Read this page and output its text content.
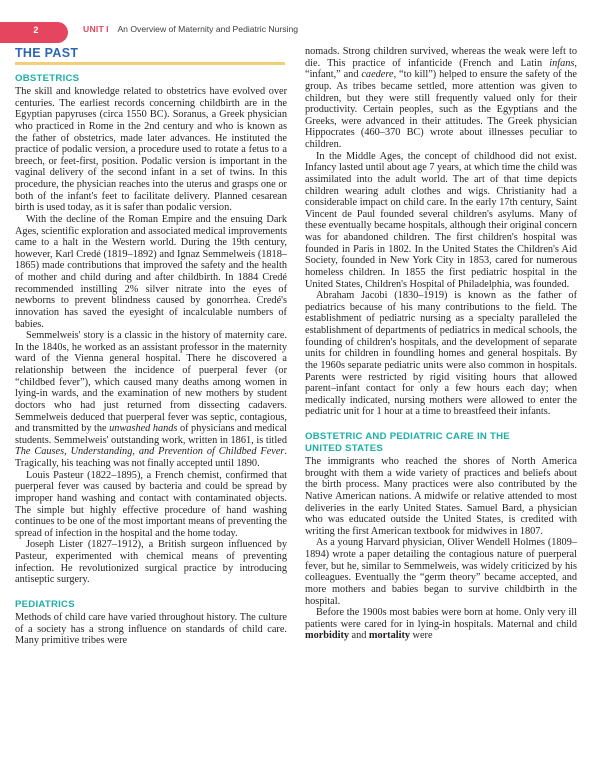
2	UNIT I An Overview of Maternity and Pediatric Nursing
THE PAST
OBSTETRICS

The skill and knowledge related to obstetrics have evolved over centuries. The earliest records concerning childbirth are in the Egyptian papyruses (circa 1550 BC). Soranus, a Greek physician who practiced in Rome in the 2nd century and who is known as the father of obstetrics, made later advances. He instituted the practice of podalic version, a procedure used to rotate a fetus to a breech, or feet-first, position. Podalic version is important in the vaginal delivery of the second infant in a set of twins. In this procedure, the physician reaches into the uterus and grasps one or both of the infant's feet to facilitate delivery. Planned cesarean birth is used today, as it is safer than podalic version.

With the decline of the Roman Empire and the ensuing Dark Ages, scientific exploration and associated medical improvements came to a halt in the Western world. During the 19th century, however, Karl Credé (1819–1892) and Ignaz Semmelweis (1818–1865) made contributions that improved the safety and the health of mother and child during and after childbirth. In 1884 Credé recommended instilling 2% silver nitrate into the eyes of newborns to prevent blindness caused by gonorrhea. Credé's innovation has saved the eyesight of incalculable numbers of babies.

Semmelweis' story is a classic in the history of maternity care. In the 1840s, he worked as an assistant professor in the maternity ward of the Vienna general hospital. There he discovered a relationship between the incidence of puerperal fever (or “childbed fever”), which caused many deaths among women in lying-in wards, and the examination of new mothers by student doctors who had just returned from dissecting cadavers. Semmelweis deduced that puerperal fever was septic, contagious, and transmitted by the unwashed hands of physicians and medical students. Semmelweis' outstanding work, written in 1861, is titled The Causes, Understanding, and Prevention of Childbed Fever. Tragically, his teaching was not finally accepted until 1890.

Louis Pasteur (1822–1895), a French chemist, confirmed that puerperal fever was caused by bacteria and could be spread by improper hand washing and contact with contaminated objects. The simple but highly effective procedure of hand washing continues to be one of the most important means of preventing the spread of infection in the hospital and the home today.

Joseph Lister (1827–1912), a British surgeon influenced by Pasteur, experimented with chemical means of preventing infection. He revolutionized surgical practice by introducing antiseptic surgery.

PEDIATRICS

Methods of child care have varied throughout history. The culture of a society has a strong influence on standards of child care. Many primitive tribes were

nomads. Strong children survived, whereas the weak were left to die. This practice of infanticide (French and Latin infans, “infant,” and caedere, “to kill”) helped to ensure the safety of the group. As tribes became settled, more attention was given to children, but they were still frequently valued only for their productivity. Certain peoples, such as the Egyptians and the Greeks, were advanced in their attitudes. The Greek physician Hippocrates (460–370 BC) wrote about illnesses peculiar to children.

In the Middle Ages, the concept of childhood did not exist. Infancy lasted until about age 7 years, at which time the child was assimilated into the adult world. The art of that time depicts children wearing adult clothes and wigs. Christianity had a considerable impact on child care. In the early 17th century, Saint Vincent de Paul founded several children's asylums. Many of these eventually became hospitals, although their original concern was for abandoned children. The first children's hospital was founded in Paris in 1802. In the United States the Children's Aid Society, founded in New York City in 1853, cared for numerous homeless children. In 1855 the first pediatric hospital in the United States, Children's Hospital of Philadelphia, was founded.

Abraham Jacobi (1830–1919) is known as the father of pediatrics because of his many contributions to the field. The establishment of pediatric nursing as a specialty paralleled the establishment of departments of pediatrics in medical schools, the founding of children's hospitals, and the development of separate units for children in foundling homes and general hospitals. By the 1960s separate pediatric units were also common in hospitals. Parents were restricted by rigid visiting hours that allowed parent–infant contact for only a few hours each day; when medically indicated, nursing mothers were allowed to enter the pediatric unit for 1 hour at a time to breastfeed their infants.

OBSTETRIC AND PEDIATRIC CARE IN THE
UNITED STATES

The immigrants who reached the shores of North America brought with them a wide variety of practices and beliefs about the birth process. Many practices were also contributed by the Native American nations. A midwife or relative attended to most deliveries in the early United States. Samuel Bard, a physician who was educated outside the United States, is credited with writing the first American textbook for midwives in 1807.

As a young Harvard physician, Oliver Wendell Holmes (1809–1894) wrote a paper detailing the contagious nature of puerperal fever, but he, similar to Semmelweis, was widely criticized by his colleagues. Eventually the “germ theory” became accepted, and more mothers and babies began to survive childbirth in the hospital.

Before the 1900s most babies were born at home. Only very ill patients were cared for in lying-in hospitals. Maternal and child morbidity and mortality were
